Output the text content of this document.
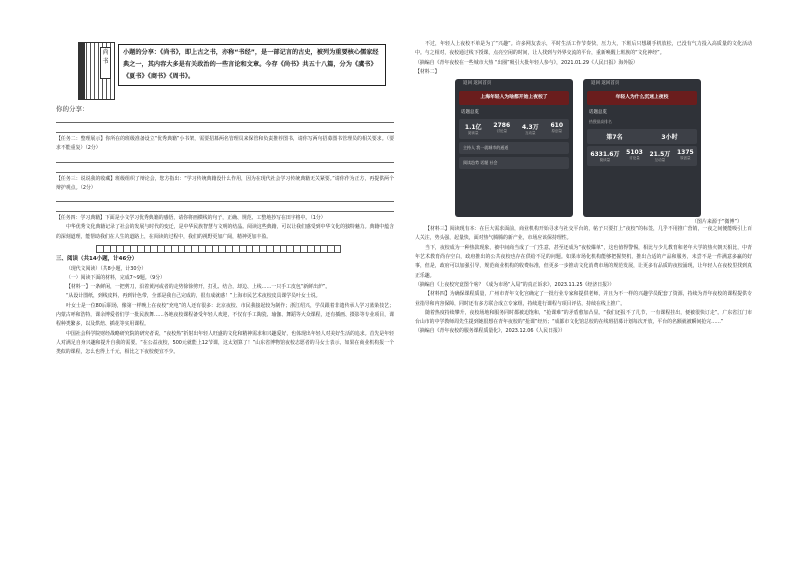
尚书
小题的分享：《尚书》，即上古之书，亦称“书经”，是一部记言的古史，被列为重要核心儒家经典之一，其内容大多是有关政治的一些言论和文章。今存《尚书》共五十八篇，分为《虞书》《夏书》《商书》《周书》。
你的分享：

【任务二：整理展示】你所在的班级准备设立“优秀典籍”小书架，需要招募两名管理员来保管和负责推荐图书，请你写两句招募图书管理员的相关要求。（要求不能重复）（2分）

【任务三：说说我的收藏】班级组织了辩论会，您方指出：“学习传统典籍没什么作用，因为在现代社会学习传统典籍无关紧要。”请你作为正方，再提供两个辩护观点。（2分）

【任务四：学习典籍】下面是小文学习优秀典籍的感悟，请你将画横线的句子，正确、规范、工整地抄写在田字格中。（1分）

中华优秀文化典籍记录了社会的发展与时代的变迁，是中华民族智慧与文明的结晶。阅读这些典籍，可以让我们感受到中华文化的独特魅力。典籍中蕴含的深刻道理，能帮助我们在人生的道路上，在阅读的过程中，我们的视野更加广阔，精神更加丰盈。

三、阅读（共14小题，计46分）

（现代文阅读）（共8小题，计30分）

（一）阅读下面的材料，完成7~9题。（9分）

【材料一】一条鲜闲，一把剪刀，沿着黄河或者的走势徐徐剪开，打孔、结合，却边、上线……一只手工皮包“新鲜出炉”。

“从设计图纸，到线皮料，再到针色带，全部是我自己完成的，很有成就感！”上海市民艺术夜校皮具课学员叶女士说。

叶女士是一位80后职场，像第一样晚上在夜校“充电”的人还有很多：北京夜校、市民我接起较为制作；浙江绍兴，学员跟着非遗传承人学习蓝染技艺；内蒙古呼和浩特，课余博爱者们学一批民族舞……各地夜校课程备受年轻人欢迎，不仅有手工陶瓷、瑜伽、舞蹈等大众课程，还有插画、摄影等专业项目，课程种类繁多，以及烘焙、插花等实用课程。

中国社会科学院财经战略研究院的研究者说，“夜校热”折射出年轻人旺盛的文化和精神需求和兴趣爱好，也体现出年轻人对美好生活的追求。首先是年轻人对满足自身兴趣和提升自我的需要。“在公益夜校，500元就能上12节课，这太划算了！”山东省博物馆夜校志愿者的马女士表示，如果在商业机构报一个类似的课程，怎么也得上千元，相比之下夜校便宜不少。

不过，年轻人上夜校不单是为了“兴趣”。许多网友表示，平时生活工作节奏快，压力大，下班后只想刷手机放松，已没有气力投入高质量的文化活动中。与之相对，夜校通过线下授课，点亮空闲的时间，让人找到与外界交流的平台，重新唤醒上班族的“文化神经”。

（摘编自《青年夜校在一些城市大热 “出圈”吸引大批年轻人参与》，2021.01.29《人民日报》海外版）

【材料二】

返回 返回首页
上海年轻人为啥都开始上夜校了
话题总览
1.1亿
阅读量
2786
讨论量	4.3万
互动量
610
原创量
主持人 我一就城市的通道
阅读趋势 话题 社会
返回 返回首页
年轻人为什么沉迷上夜校
话题总览
热搜最高排名
第7名	3小时
6331.6万
阅读量
5103
讨论量	21.5万
互动量
1375
原创量
（图片来源于“微博”）

【材料三】阅读现有本：在巨大需求面前，商业机构开始寻求与社交平台的，帖子只要打上“夜校”的标签，几乎不用推广营销，一夜之间便能吸引上百人关注，势头强，起量快，面对热气腾腾的新产业，市场应该保持理性。

当下，夜校成为一种热款现象，被中间商当成了一门生意，甚至还成为“夜校爆单”，这也值得警惕，相比与少儿教育和老年大学的热火朝天相比，中青年艺术教育尚存空白，政府推出的公共夜校也存在供给不足的问题。如果市场化机构能够把握契机，推出合适的产品和服务，未尝不是一件满意多赢的好事，但是，政府可以加强引导，规范商业机构的收费标准，但更多一步推动文化消费市场的规范发展，让更多有品质的夜校涌现，让年轻人在夜校里找到真正乐趣。

（摘编自《上夜校究竟图个啥？《成为市场“入局”的真正诉求》，2023.11.25《经济日报》）

【材料四】为确保课程质量，广州市青年文化宫确定了一批行业专家和提供老师，并且为不一样的兴趣学员配套了资源，持续为青年夜校的课程提供专业指导和内容保障，同时还有多方联合成立专家组，持续进行课程与项目评估，持续在线上推广。

随着热度持续攀升，夜校场地和服务同时都被迫饱和，“抢课难”的矛盾愈加凸显。“我们还报不了几节，一有课程挂出，便被很快订走”。广东省江门市台山市的中学教师周先生提到她很想在青年夜校的“抢课”经历；“成都市文化馆总校的在线班招募计划每次开放，平台的名额就被瞬间抢完……”

（摘编自《青年夜校的服务课程质量化》，2023.12.06《人民日报》）
